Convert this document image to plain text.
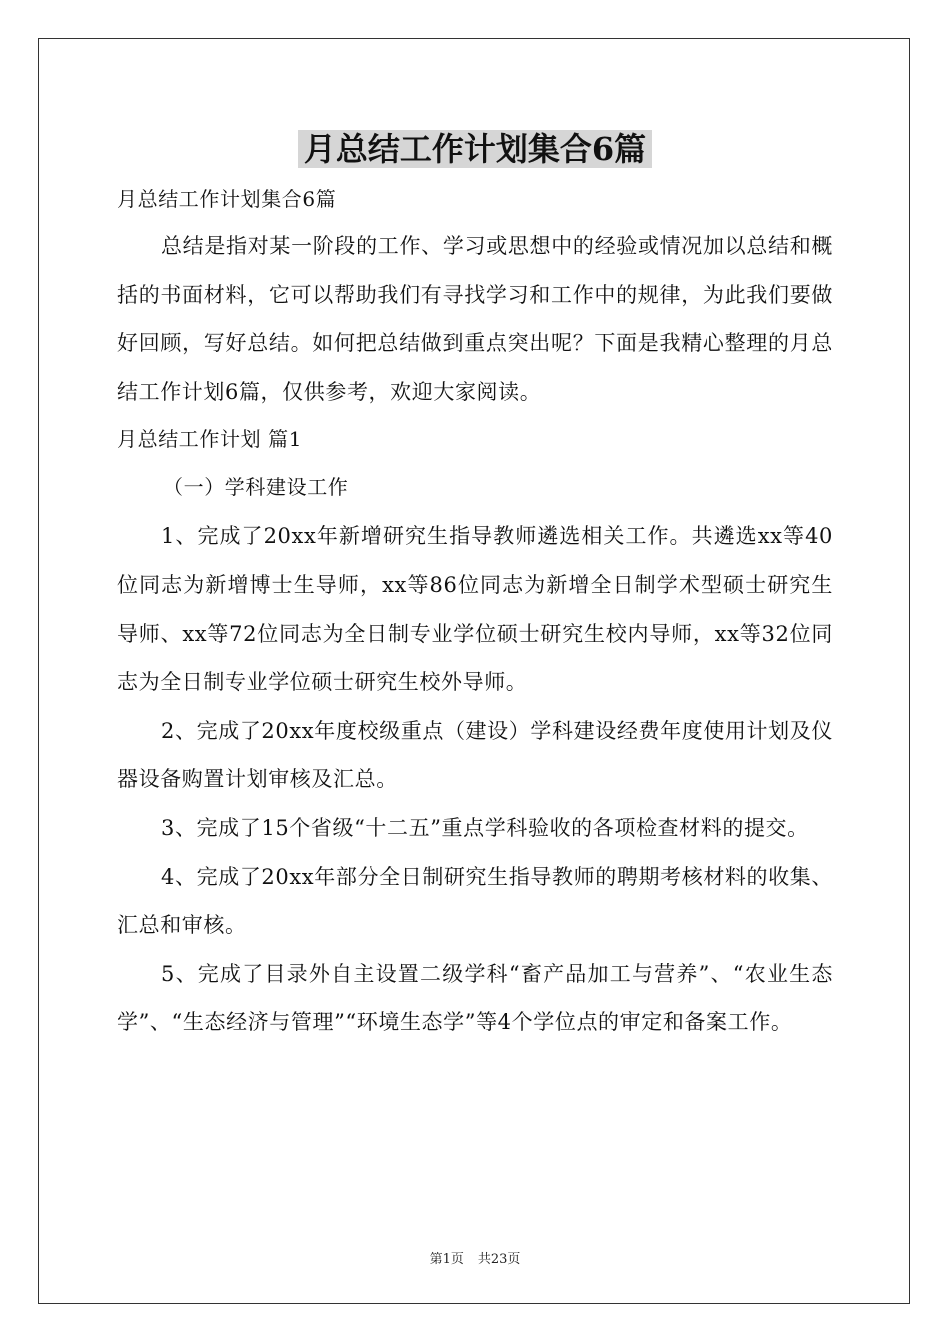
月总结工作计划集合6篇

月总结工作计划集合6篇

总结是指对某一阶段的工作、学习或思想中的经验或情况加以总结和概括的书面材料，它可以帮助我们有寻找学习和工作中的规律，为此我们要做好回顾，写好总结。如何把总结做到重点突出呢？下面是我精心整理的月总结工作计划6篇，仅供参考，欢迎大家阅读。

月总结工作计划 篇1

（一）学科建设工作

1、完成了20xx年新增研究生指导教师遴选相关工作。共遴选xx等40位同志为新增博士生导师，xx等86位同志为新增全日制学术型硕士研究生导师、xx等72位同志为全日制专业学位硕士研究生校内导师，xx等32位同志为全日制专业学位硕士研究生校外导师。

2、完成了20xx年度校级重点（建设）学科建设经费年度使用计划及仪器设备购置计划审核及汇总。

3、完成了15个省级“十二五”重点学科验收的各项检查材料的提交。

4、完成了20xx年部分全日制研究生指导教师的聘期考核材料的收集、汇总和审核。

5、完成了目录外自主设置二级学科“畜产品加工与营养”、“农业生态学”、“生态经济与管理”“环境生态学”等4个学位点的审定和备案工作。

第1页 共23页
